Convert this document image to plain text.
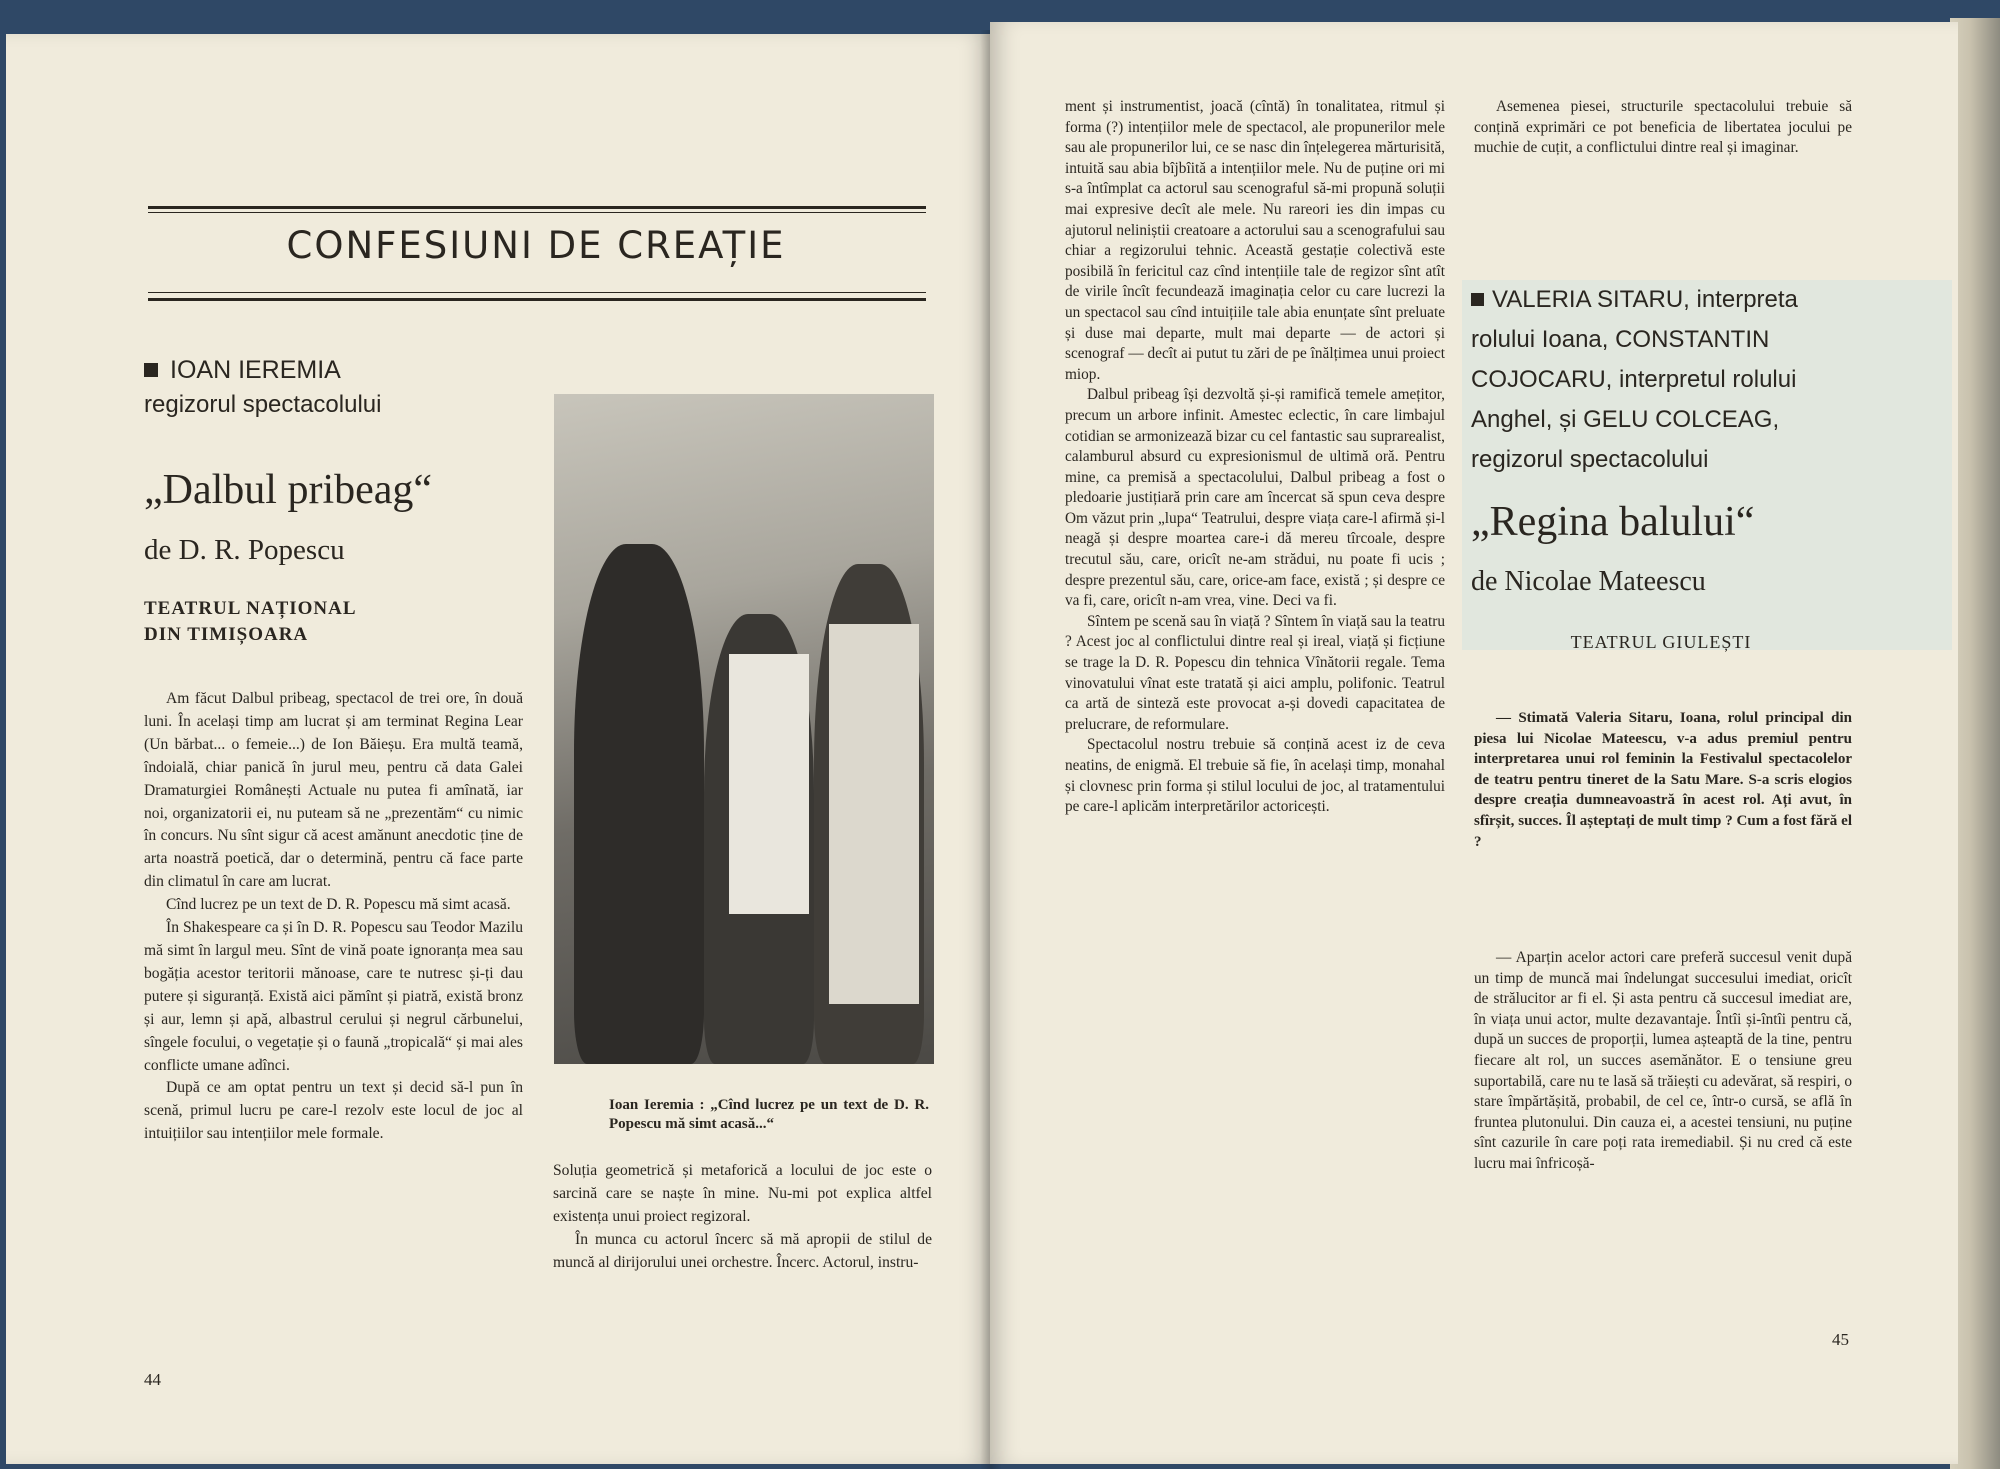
CONFESIUNI DE CREAȚIE
IOAN IEREMIA
regizorul spectacolului
„Dalbul pribeag“
de D. R. Popescu
TEATRUL NAȚIONAL
DIN TIMIȘOARA

Am făcut Dalbul pribeag, spectacol de trei ore, în două luni. În același timp am lucrat și am terminat Regina Lear (Un bărbat... o femeie...) de Ion Băieșu. Era multă teamă, îndoială, chiar panică în jurul meu, pentru că data Galei Dramaturgiei Românești Actuale nu putea fi amînată, iar noi, organizatorii ei, nu puteam să ne „prezentăm“ cu nimic în concurs. Nu sînt sigur că acest amănunt anecdotic ține de arta noastră poetică, dar o determină, pentru că face parte din climatul în care am lucrat.

Cînd lucrez pe un text de D. R. Popescu mă simt acasă.

În Shakespeare ca și în D. R. Popescu sau Teodor Mazilu mă simt în largul meu. Sînt de vină poate ignoranța mea sau bogăția acestor teritorii mănoase, care te nutresc și-ți dau putere și siguranță. Există aici pămînt și piatră, există bronz și aur, lemn și apă, albastrul cerului și negrul cărbunelui, sîngele focului, o vegetație și o faună „tropicală“ și mai ales conflicte umane adînci.

După ce am optat pentru un text și decid să-l pun în scenă, primul lucru pe care-l rezolv este locul de joc al intuițiilor sau intențiilor mele formale.

Ioan Ieremia : „Cînd lucrez pe un text de D. R. Popescu mă simt acasă...“

Soluția geometrică și metaforică a locului de joc este o sarcină care se naște în mine. Nu-mi pot explica altfel existența unui proiect regizoral.

În munca cu actorul încerc să mă apropii de stilul de muncă al dirijorului unei orchestre. Încerc. Actorul, instru-

44

ment și instrumentist, joacă (cîntă) în tonalitatea, ritmul și forma (?) intențiilor mele de spectacol, ale propunerilor mele sau ale propunerilor lui, ce se nasc din înțelegerea mărturisită, intuită sau abia bîjbîită a intențiilor mele. Nu de puține ori mi s-a întîmplat ca actorul sau scenograful să-mi propună soluții mai expresive decît ale mele. Nu rareori ies din impas cu ajutorul neliniștii creatoare a actorului sau a scenografului sau chiar a regizorului tehnic. Această gestație colectivă este posibilă în fericitul caz cînd intențiile tale de regizor sînt atît de virile încît fecundează imaginația celor cu care lucrezi la un spectacol sau cînd intuițiile tale abia enunțate sînt preluate și duse mai departe, mult mai departe — de actori și scenograf — decît ai putut tu zări de pe înălțimea unui proiect miop.

Dalbul pribeag își dezvoltă și-și ramifică temele amețitor, precum un arbore infinit. Amestec eclectic, în care limbajul cotidian se armonizează bizar cu cel fantastic sau suprarealist, calamburul absurd cu expresionismul de ultimă oră. Pentru mine, ca premisă a spectacolului, Dalbul pribeag a fost o pledoarie justițiară prin care am încercat să spun ceva despre Om văzut prin „lupa“ Teatrului, despre viața care-l afirmă și-l neagă și despre moartea care-i dă mereu tîrcoale, despre trecutul său, care, oricît ne-am strădui, nu poate fi ucis ; despre prezentul său, care, orice-am face, există ; și despre ce va fi, care, oricît n-am vrea, vine. Deci va fi.

Sîntem pe scenă sau în viață ? Sîntem în viață sau la teatru ? Acest joc al conflictului dintre real și ireal, viață și ficțiune se trage la D. R. Popescu din tehnica Vînătorii regale. Tema vinovatului vînat este tratată și aici amplu, polifonic. Teatrul ca artă de sinteză este provocat a-și dovedi capacitatea de prelucrare, de reformulare.

Spectacolul nostru trebuie să conțină acest iz de ceva neatins, de enigmă. El trebuie să fie, în același timp, monahal și clovnesc prin forma și stilul locului de joc, al tratamentului pe care-l aplicăm interpretărilor actoricești.

Asemenea piesei, structurile spectacolului trebuie să conțină exprimări ce pot beneficia de libertatea jocului pe muchie de cuțit, a conflictului dintre real și imaginar.

VALERIA SITARU, interpreta rolului Ioana, CONSTANTIN COJOCARU, interpretul rolului Anghel, și GELU COLCEAG, regizorul spectacolului
„Regina balului“
de Nicolae Mateescu
TEATRUL GIULEȘTI

— Stimată Valeria Sitaru, Ioana, rolul principal din piesa lui Nicolae Mateescu, v-a adus premiul pentru interpretarea unui rol feminin la Festivalul spectacolelor de teatru pentru tineret de la Satu Mare. S-a scris elogios despre creația dumneavoastră în acest rol. Ați avut, în sfîrșit, succes. Îl așteptați de mult timp ? Cum a fost fără el ?

— Aparțin acelor actori care preferă succesul venit după un timp de muncă mai îndelungat succesului imediat, oricît de strălucitor ar fi el. Și asta pentru că succesul imediat are, în viața unui actor, multe dezavantaje. Întîi și-întîi pentru că, după un succes de proporții, lumea așteaptă de la tine, pentru fiecare alt rol, un succes asemănător. E o tensiune greu suportabilă, care nu te lasă să trăiești cu adevărat, să respiri, o stare împărtășită, probabil, de cel ce, într-o cursă, se află în fruntea plutonului. Din cauza ei, a acestei tensiuni, nu puține sînt cazurile în care poți rata iremediabil. Și nu cred că este lucru mai înfricoșă-

45
